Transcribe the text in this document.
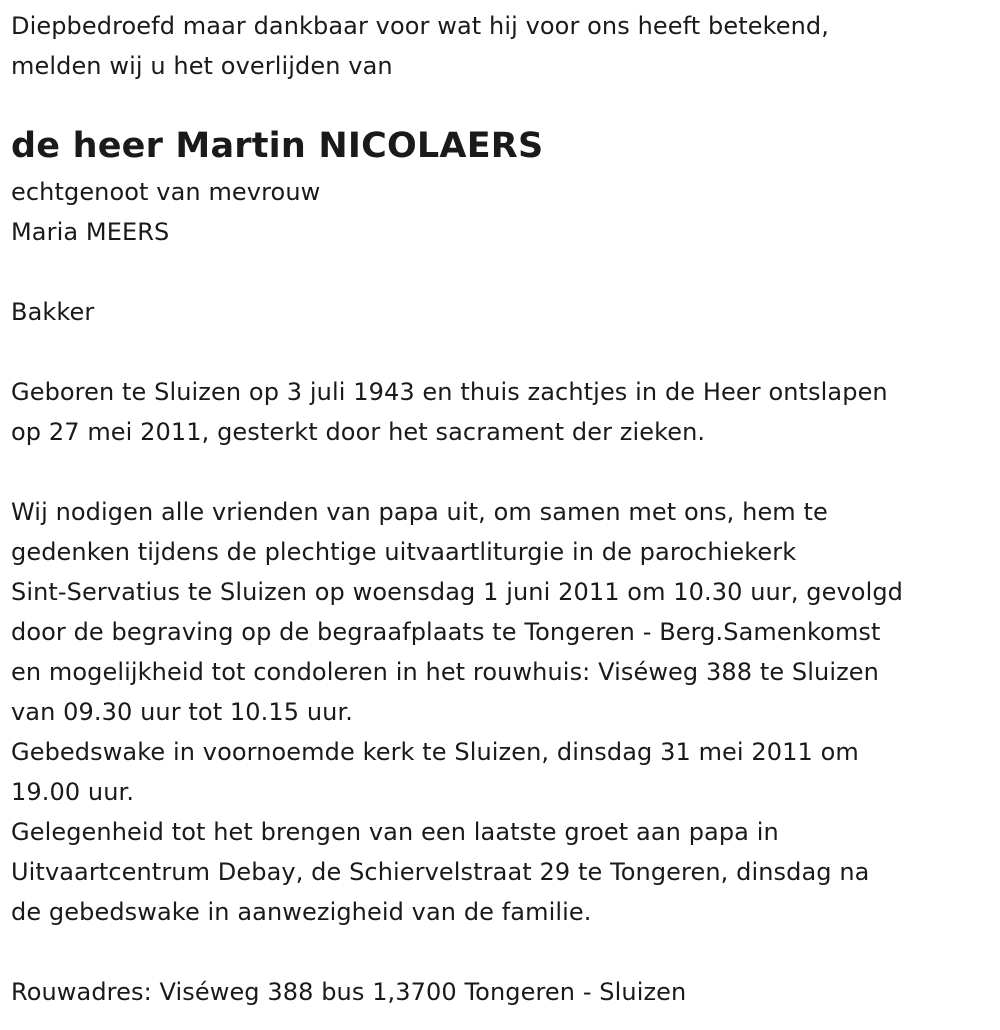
Diepbedroefd maar dankbaar voor wat hij voor ons heeft betekend,
melden wij u het overlijden van
de heer Martin NICOLAERS
echtgenoot van mevrouw
Maria MEERS
Bakker
Geboren te Sluizen op 3 juli 1943 en thuis zachtjes in de Heer ontslapen
op 27 mei 2011, gesterkt door het sacrament der zieken.
Wij nodigen alle vrienden van papa uit, om samen met ons, hem te
gedenken tijdens de plechtige uitvaartliturgie in de parochiekerk
Sint-Servatius te Sluizen op woensdag 1 juni 2011 om 10.30 uur, gevolgd
door de begraving op de begraafplaats te Tongeren - Berg.Samenkomst
en mogelijkheid tot condoleren in het rouwhuis: Viséweg 388 te Sluizen
van 09.30 uur tot 10.15 uur.
Gebedswake in voornoemde kerk te Sluizen, dinsdag 31 mei 2011 om
19.00 uur.
Gelegenheid tot het brengen van een laatste groet aan papa in
Uitvaartcentrum Debay, de Schiervelstraat 29 te Tongeren, dinsdag na
de gebedswake in aanwezigheid van de familie.
Rouwadres: Viséweg 388 bus 1,3700 Tongeren - Sluizen
